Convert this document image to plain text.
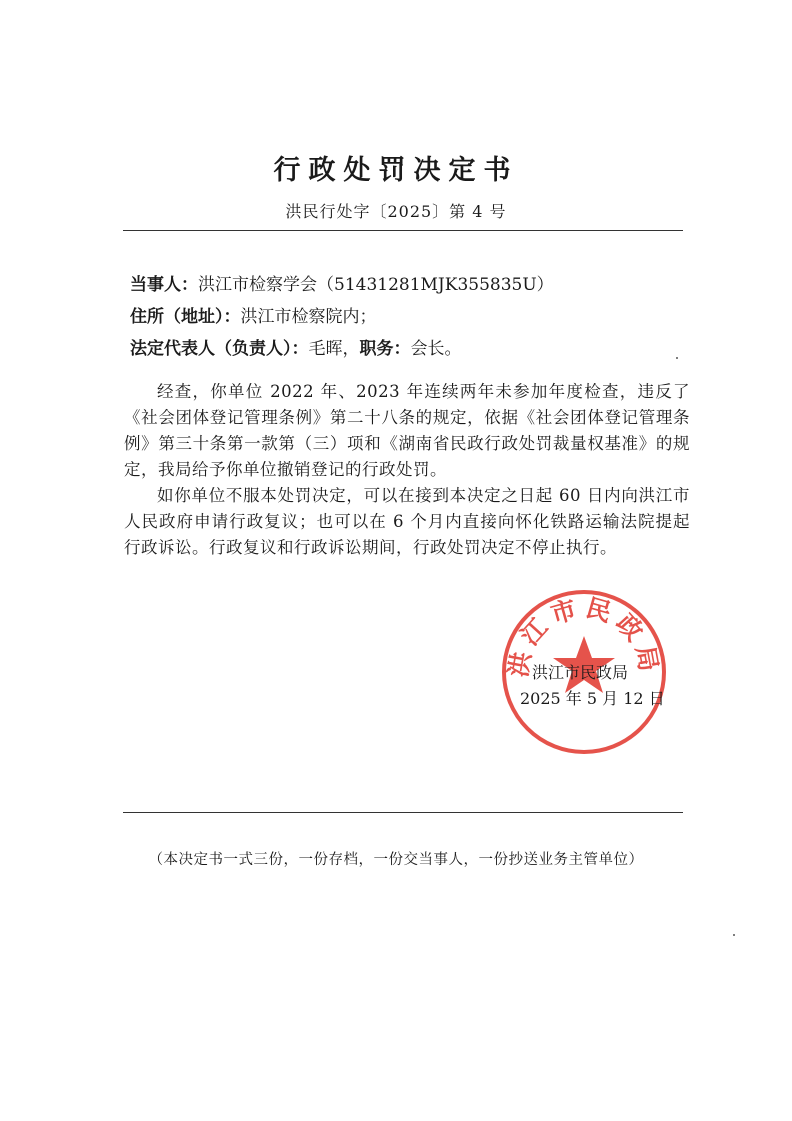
行政处罚决定书
洪民行处字〔2025〕第 4 号
当事人：洪江市检察学会（51431281MJK355835U）
住所（地址）：洪江市检察院内；
法定代表人（负责人）：毛晖，职务：会长。

经查，你单位 2022 年、2023 年连续两年未参加年度检查，违反了《社会团体登记管理条例》第二十八条的规定，依据《社会团体登记管理条例》第三十条第一款第（三）项和《湖南省民政行政处罚裁量权基准》的规定，我局给予你单位撤销登记的行政处罚。

如你单位不服本处罚决定，可以在接到本决定之日起 60 日内向洪江市人民政府申请行政复议；也可以在 6 个月内直接向怀化铁路运输法院提起行政诉讼。行政复议和行政诉讼期间，行政处罚决定不停止执行。

洪江市民政局
洪江市民政局
2025 年 5 月 12 日
（本决定书一式三份，一份存档，一份交当事人，一份抄送业务主管单位）
